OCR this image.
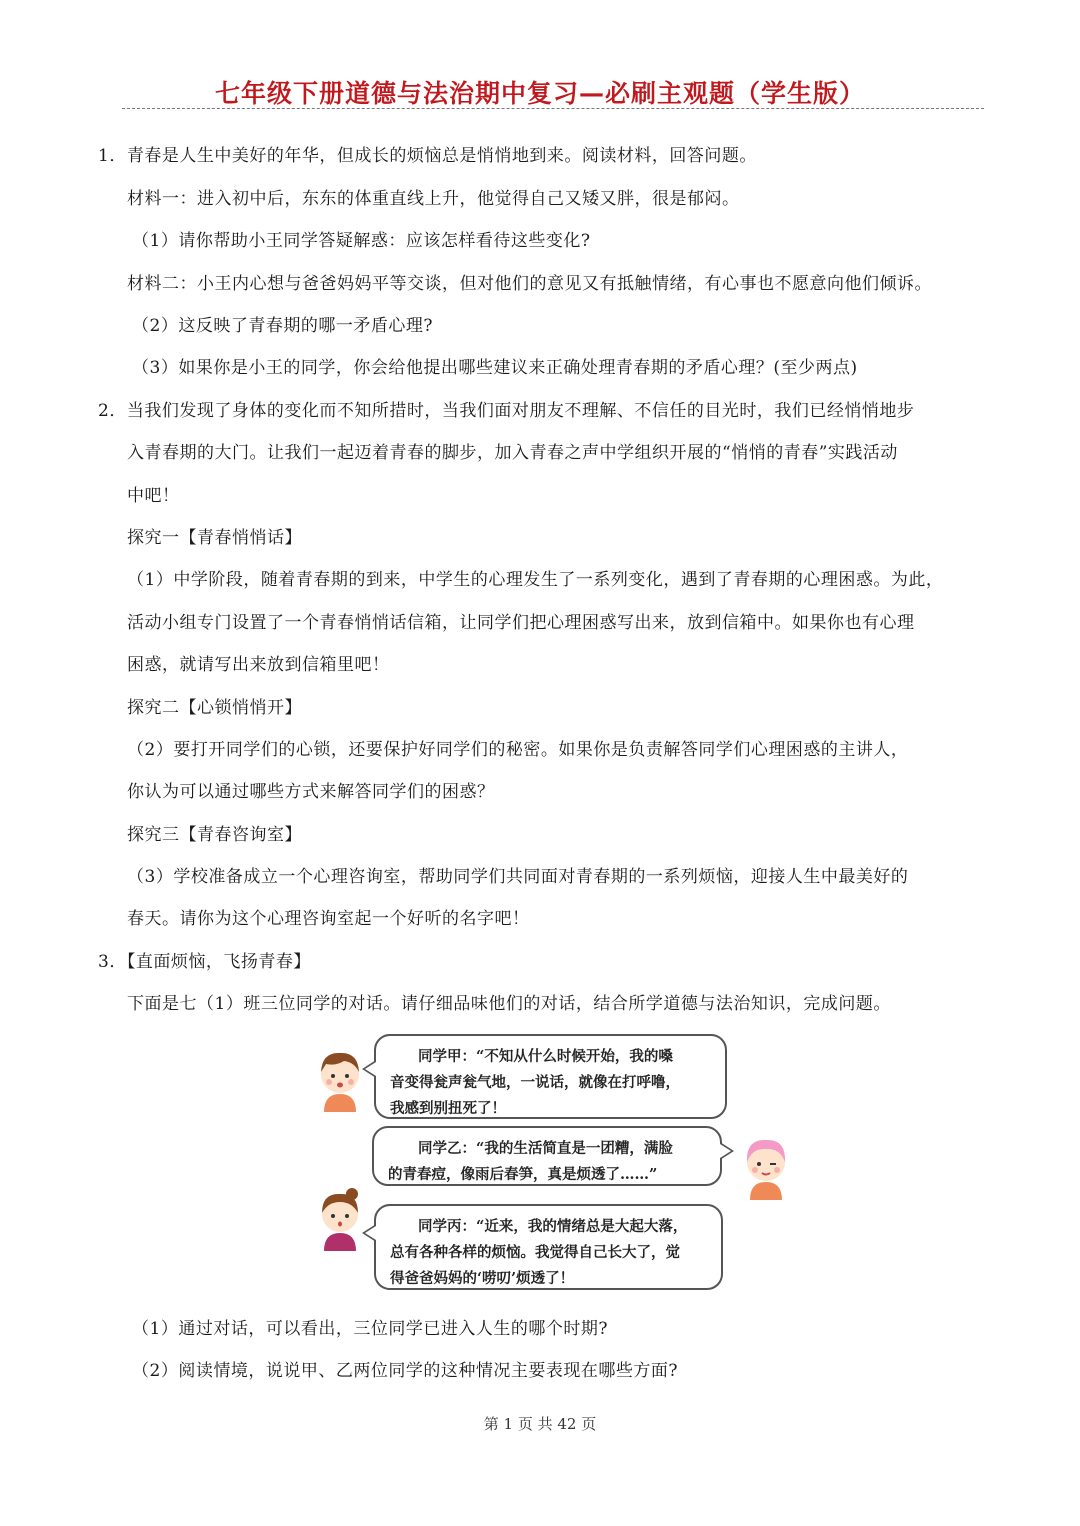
七年级下册道德与法治期中复习—必刷主观题（学生版）
1．青春是人生中美好的年华，但成长的烦恼总是悄悄地到来。阅读材料，回答问题。
材料一：进入初中后，东东的体重直线上升，他觉得自己又矮又胖，很是郁闷。
（1）请你帮助小王同学答疑解惑：应该怎样看待这些变化?
材料二：小王内心想与爸爸妈妈平等交谈，但对他们的意见又有抵触情绪，有心事也不愿意向他们倾诉。
（2）这反映了青春期的哪一矛盾心理?
（3）如果你是小王的同学，你会给他提出哪些建议来正确处理青春期的矛盾心理？(至少两点)
2．当我们发现了身体的变化而不知所措时，当我们面对朋友不理解、不信任的目光时，我们已经悄悄地步
入青春期的大门。让我们一起迈着青春的脚步，加入青春之声中学组织开展的“悄悄的青春”实践活动
中吧！
探究一【青春悄悄话】
（1）中学阶段，随着青春期的到来，中学生的心理发生了一系列变化，遇到了青春期的心理困惑。为此，
活动小组专门设置了一个青春悄悄话信箱，让同学们把心理困惑写出来，放到信箱中。如果你也有心理
困惑，就请写出来放到信箱里吧！
探究二【心锁悄悄开】
（2）要打开同学们的心锁，还要保护好同学们的秘密。如果你是负责解答同学们心理困惑的主讲人，
你认为可以通过哪些方式来解答同学们的困惑？
探究三【青春咨询室】
（3）学校准备成立一个心理咨询室，帮助同学们共同面对青春期的一系列烦恼，迎接人生中最美好的
春天。请你为这个心理咨询室起一个好听的名字吧！
3．【直面烦恼，飞扬青春】
下面是七（1）班三位同学的对话。请仔细品味他们的对话，结合所学道德与法治知识，完成问题。
同学甲：“不知从什么时候开始，我的嗓
音变得瓮声瓮气地，一说话，就像在打呼噜，
我感到别扭死了！
同学乙：“我的生活简直是一团糟，满脸
的青春痘，像雨后春笋，真是烦透了……”
同学丙：“近来，我的情绪总是大起大落，
总有各种各样的烦恼。我觉得自己长大了，觉
得爸爸妈妈的‘唠叨’烦透了！
（1）通过对话，可以看出，三位同学已进入人生的哪个时期?
（2）阅读情境，说说甲、乙两位同学的这种情况主要表现在哪些方面?
第 1 页 共 42 页
